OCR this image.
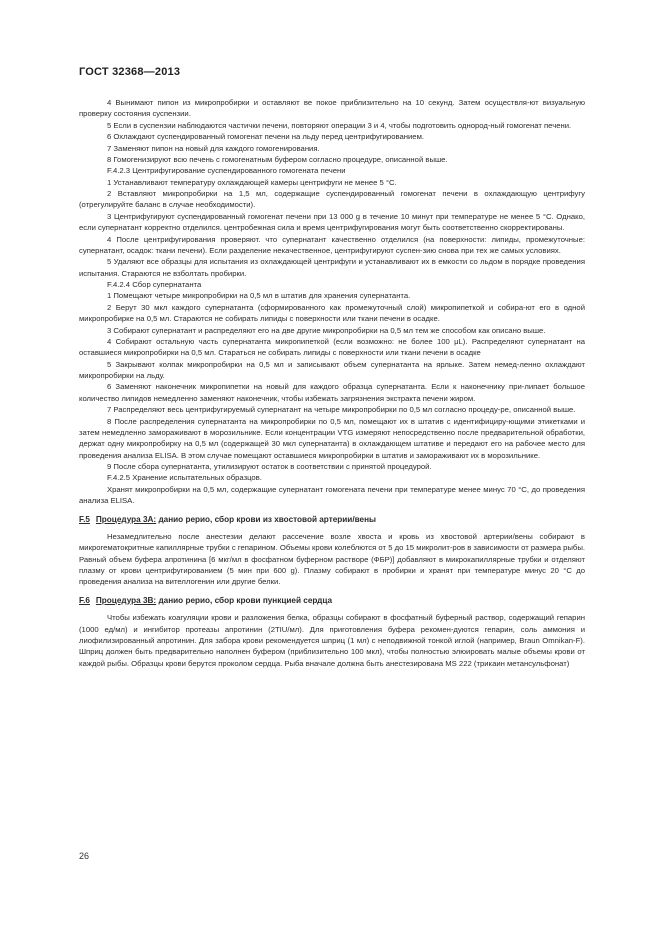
ГОСТ 32368—2013

4 Вынимают пипон из микропробирки и оставляют ве покое приблизительно на 10 секунд. Затем осуществля-ют визуальную проверку состояния суспензии.

5 Если в суспензии наблюдаются частички печени, повторяют операции 3 и 4, чтобы подготовить однород-ный гомогенат печени.

6 Охлаждают суспендированный гомогенат печени на льду перед центрифугированием.

7 Заменяют пипон на новый для каждого гомогенирования.

8 Гомогенизируют всю печень с гомогенатным буфером согласно процедуре, описанной выше.

F.4.2.3 Центрифугирование суспендированного гомогената печени

1 Устанавливают температуру охлаждающей камеры центрифуги не менее 5 °С.

2 Вставляют микропробирки на 1,5 мл, содержащие суспендированный гомогенат печени в охлаждающую центрифугу (отрегулируйте баланс в случае необходимости).

3 Центрифугируют суспендированный гомогенат печени при 13 000 g в течение 10 минут при температуре не менее 5 °С. Однако, если супернатант корректно отделился. центробежная сила и время центрифугирования могут быть соответственно скорректированы.

4 После центрифугирования проверяют. что супернатант качественно отделился (на поверхности: липиды, промежуточные: супернатант, осадок: ткани печени). Если разделение некачественное, центрифугируют суспен-зию снова при тех же самых условиях.

5 Удаляют все образцы для испытания из охлаждающей центрифуги и устанавливают их в емкости со льдом в порядке проведения испытания. Стараются не взболтать пробирки.

F.4.2.4 Сбор супернатанта

1 Помещают четыре микропробирки на 0,5 мл в штатив для хранения супернатанта.

2 Берут 30 мкл каждого супернатанта (сформированного как промежуточный слой) микропипеткой и собира-ют его в одной микропробирке на 0,5 мл. Стараются не собирать липиды с поверхности или ткани печени в осадке.

3 Собирают супернатант и распределяют его на две другие микропробирки на 0,5 мл тем же способом как описано выше.

4 Собирают остальную часть супернатанта микропипеткой (если возможно: не более 100 μL). Распределяют супернатант на оставшиеся микропробирки на 0,5 мл. Стараться не собирать липиды с поверхности или ткани печени в осадке

5 Закрывают колпак микропробирки на 0,5 мл и записывают объем супернатанта на ярлыке. Затем немед-ленно охлаждают микропробирки на льду.

6 Заменяют наконечник микропипетки на новый для каждого образца супернатанта. Если к наконечнику при-липает большое количество липидов немедленно заменяют наконечник, чтобы избежать загрязнения экстракта печени жиром.

7 Распределяют весь центрифугируемый супернатант на четыре микропробирки по 0,5 мл согласно процеду-ре, описанной выше.

8 После распределения супернатанта на микропробирки по 0,5 мл, помещают их в штатив с идентифициру-ющими этикетками и затем немедленно замораживают в морозильнике. Если концентрации VTG измеряют непосредственно после предварительной обработки, держат одну микропробирку на 0,5 мл (содержащей 30 мкл супернатанта) в охлаждающем штативе и передают его на рабочее место для проведения анализа ELISA. В этом случае помещают оставшиеся микропробирки в штатив и замораживают их в морозильнике.

9 После сбора супернатанта, утилизируют остаток в соответствии с принятой процедурой.

F.4.2.5 Хранение испытательных образцов.

Хранят микропробирки на 0,5 мл, содержащие супернатант гомогената печени при температуре менее минус 70 °С, до проведения анализа ELISA.

F.5 Процедура 3А: данио рерио, сбор крови из хвостовой артерии/вены

Незамедлительно после анестезии делают рассечение возле хвоста и кровь из хвостовой артерии/вены собирают в микрогематокритные капиллярные трубки с гепарином. Объемы крови колеблются от 5 до 15 микролит-ров в зависимости от размера рыбы. Равный объем буфера апротинина [6 мкг/мл в фосфатном буферном растворе (ФБР)] добавляют в микрокапиллярные трубки и отделяют плазму от крови центрифугированием (5 мин при 600 g). Плазму собирают в пробирки и хранят при температуре минус 20 °С до проведения анализа на вителлогенин или другие белки.

F.6 Процедура 3В: данио рерио, сбор крови пункцией сердца

Чтобы избежать коагуляции крови и разложения белка, образцы собирают в фосфатный буферный раствор, содержащий гепарин (1000 ед/мл) и ингибитор протеазы апротинин (2TIU/мл). Для приготовления буфера рекомен-дуются гепарин, соль аммония и лиофилизированный апротинин. Для забора крови рекомендуется шприц (1 мл) с неподвижной тонкой иглой (например, Braun Omnikan-F). Шприц должен быть предварительно наполнен буфером (приблизительно 100 мкл), чтобы полностью элюировать малые объемы крови от каждой рыбы. Образцы крови берутся проколом сердца. Рыба вначале должна быть анестезирована MS 222 (трикаин метансульфонат)

26
